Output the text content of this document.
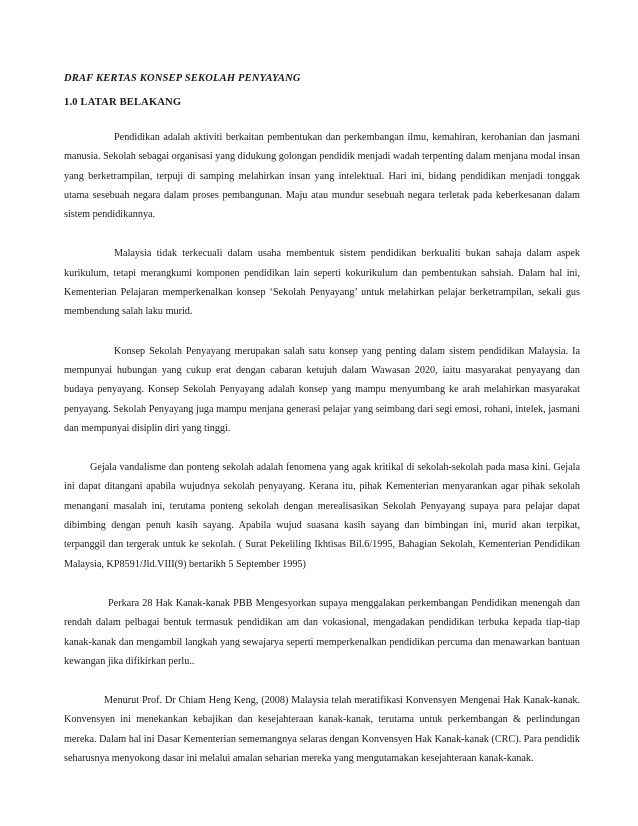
DRAF KERTAS KONSEP SEKOLAH PENYAYANG
1.0 LATAR BELAKANG

Pendidikan adalah aktiviti berkaitan pembentukan dan perkembangan ilmu, kemahiran, kerohanian dan jasmani manusia. Sekolah sebagai organisasi yang didukung golongan pendidik menjadi wadah terpenting dalam menjana modal insan yang berketrampilan, terpuji di samping melahirkan insan yang intelektual. Hari ini, bidang pendidikan menjadi tonggak utama sesebuah negara dalam proses pembangunan. Maju atau mundur sesebuah negara terletak pada keberkesanan dalam sistem pendidikannya.

Malaysia tidak terkecuali dalam usaha membentuk sistem pendidikan berkualiti bukan sahaja dalam aspek kurikulum, tetapi merangkumi komponen pendidikan lain seperti kokurikulum dan pembentukan sahsiah. Dalam hal ini, Kementerian Pelajaran memperkenalkan konsep ‘Sekolah Penyayang’ untuk melahirkan pelajar berketrampilan, sekali gus membendung salah laku murid.

Konsep Sekolah Penyayang merupakan salah satu konsep yang penting dalam sistem pendidikan Malaysia. Ia mempunyai hubungan yang cukup erat dengan cabaran ketujuh dalam Wawasan 2020, iaitu masyarakat penyayang dan budaya penyayang. Konsep Sekolah Penyayang adalah konsep yang mampu menyumbang ke arah melahirkan masyarakat penyayang. Sekolah Penyayang juga mampu menjana generasi pelajar yang seimbang dari segi emosi, rohani, intelek, jasmani dan mempunyai disiplin diri yang tinggi.

Gejala vandalisme dan ponteng sekolah adalah fenomena yang agak kritikal di sekolah-sekolah pada masa kini. Gejala ini dapat ditangani apabila wujudnya sekolah penyayang. Kerana itu, pihak Kementerian menyarankan agar pihak sekolah menangani masalah ini, terutama ponteng sekolah dengan merealisasikan Sekolah Penyayang supaya para pelajar dapat dibimbing dengan penuh kasih sayang. Apabila wujud suasana kasih sayang dan bimbingan ini, murid akan terpikat, terpanggil dan tergerak untuk ke sekolah. ( Surat Pekeliling Ikhtisas Bil.6/1995, Bahagian Sekolah, Kementerian Pendidikan Malaysia, KP8591/Jld.VIII(9) bertarikh 5 September 1995)

Perkara 28 Hak Kanak-kanak PBB Mengesyorkan supaya menggalakan perkembangan Pendidikan menengah dan rendah dalam pelbagai bentuk termasuk pendidikan am dan vokasional, mengadakan pendidikan terbuka kepada tiap-tiap kanak-kanak dan mengambil langkah yang sewajarya seperti memperkenalkan pendidikan percuma dan menawarkan bantuan kewangan jika difikirkan perlu..

Menurut Prof. Dr Chiam Heng Keng, (2008) Malaysia telah meratifikasi Konvensyen Mengenai Hak Kanak-kanak. Konvensyen ini menekankan kebajikan dan kesejahteraan kanak-kanak, terutama untuk perkembangan & perlindungan mereka. Dalam hal ini Dasar Kementerian sememangnya selaras dengan Konvensyen Hak Kanak-kanak (CRC). Para pendidik seharusnya menyokong dasar ini melalui amalan seharian mereka yang mengutamakan kesejahteraan kanak-kanak.
